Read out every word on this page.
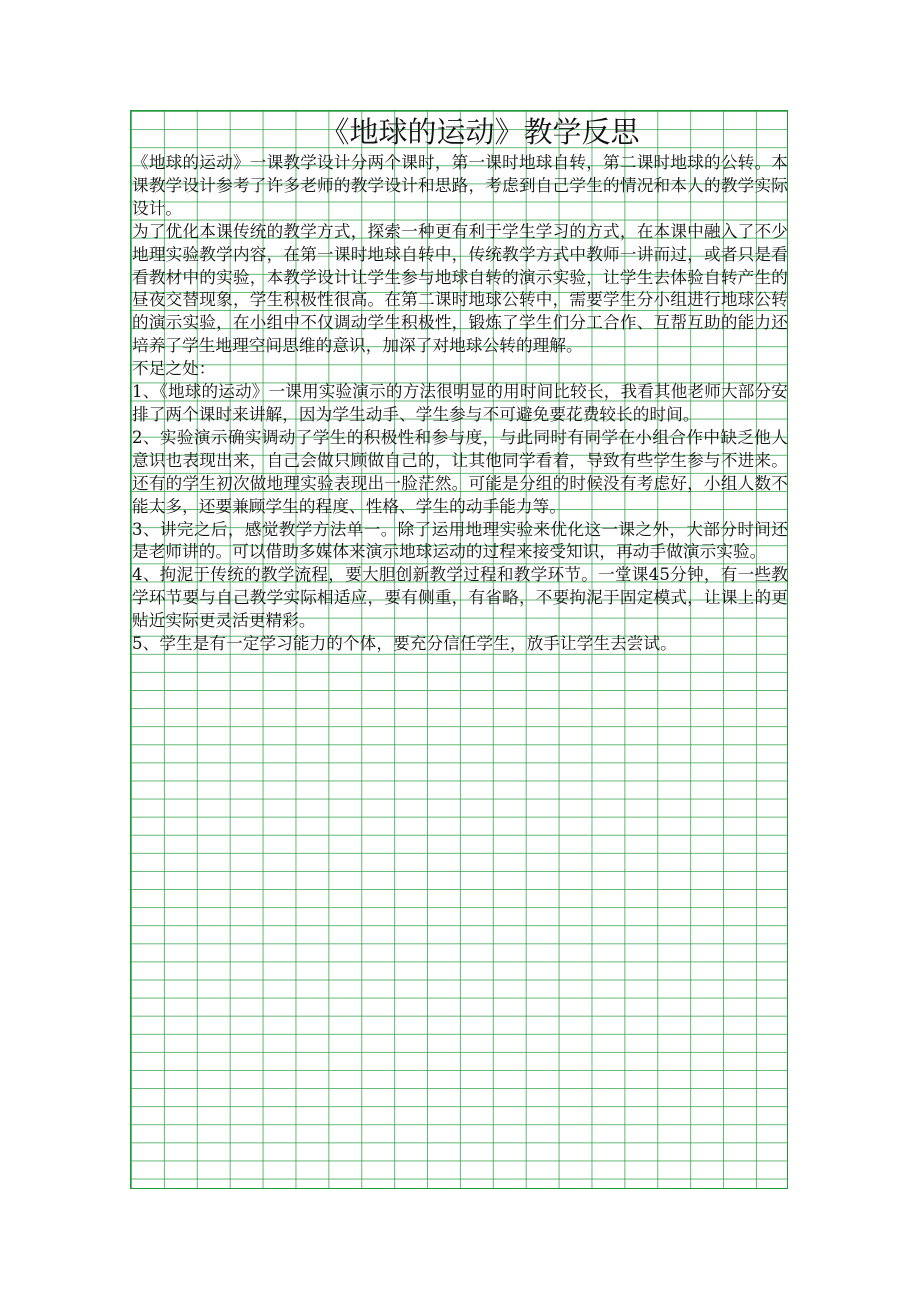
《地球的运动》教学反思

《地球的运动》一课教学设计分两个课时，第一课时地球自转，第二课时地球的公转。本课教学设计参考了许多老师的教学设计和思路，考虑到自己学生的情况和本人的教学实际设计。

为了优化本课传统的教学方式，探索一种更有利于学生学习的方式，在本课中融入了不少地理实验教学内容，在第一课时地球自转中，传统教学方式中教师一讲而过，或者只是看看教材中的实验，本教学设计让学生参与地球自转的演示实验，让学生去体验自转产生的昼夜交替现象，学生积极性很高。在第二课时地球公转中，需要学生分小组进行地球公转的演示实验，在小组中不仅调动学生积极性，锻炼了学生们分工合作、互帮互助的能力还培养了学生地理空间思维的意识，加深了对地球公转的理解。

不足之处：

1、《地球的运动》一课用实验演示的方法很明显的用时间比较长，我看其他老师大部分安排了两个课时来讲解，因为学生动手、学生参与不可避免要花费较长的时间。

2、实验演示确实调动了学生的积极性和参与度，与此同时有同学在小组合作中缺乏他人意识也表现出来，自己会做只顾做自己的，让其他同学看着，导致有些学生参与不进来。还有的学生初次做地理实验表现出一脸茫然。可能是分组的时候没有考虑好，小组人数不能太多，还要兼顾学生的程度、性格、学生的动手能力等。

3、讲完之后，感觉教学方法单一。除了运用地理实验来优化这一课之外，大部分时间还是老师讲的。可以借助多媒体来演示地球运动的过程来接受知识，再动手做演示实验。

4、拘泥于传统的教学流程，要大胆创新教学过程和教学环节。一堂课45分钟，有一些教学环节要与自己教学实际相适应，要有侧重，有省略，不要拘泥于固定模式，让课上的更贴近实际更灵活更精彩。

5、学生是有一定学习能力的个体，要充分信任学生，放手让学生去尝试。
